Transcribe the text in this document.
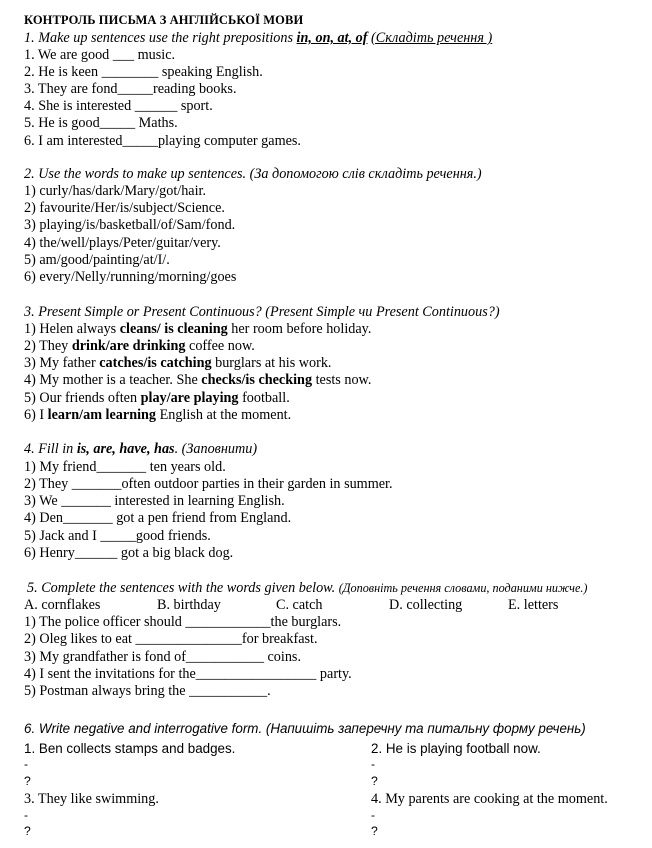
КОНТРОЛЬ ПИСЬМА З АНГЛІЙСЬКОЇ МОВИ
1. Make up sentences use the right prepositions in, on, at, of (Складіть речення )
1. We are good ___ music.
2. He is keen ________ speaking English.
3. They are fond_____reading books.
4. She is interested ______ sport.
5. He is good_____ Maths.
6. I am interested_____playing computer games.
2. Use the words to make up sentences. (За допомогою слів складіть речення.)
1) curly/has/dark/Mary/got/hair.
2) favourite/Her/is/subject/Science.
3) playing/is/basketball/of/Sam/fond.
4) the/well/plays/Peter/guitar/very.
5) am/good/painting/at/I/.
6) every/Nelly/running/morning/goes
3. Present Simple or Present Continuous? (Present Simple чи Present Continuous?)
1) Helen always cleans/ is cleaning her room before holiday.
2) They drink/are drinking coffee now.
3) My father catches/is catching burglars at his work.
4) My mother is a teacher. She checks/is checking tests now.
5) Our friends often play/are playing football.
6) I learn/am learning English at the moment.
4. Fill in is, are, have, has. (Заповнити)
1) My friend_______ ten years old.
2) They _______often outdoor parties in their garden in summer.
3) We _______ interested in learning English.
4) Den_______ got a pen friend from England.
5) Jack and I _____good friends.
6) Henry______ got a big black dog.
5. Complete the sentences with the words given below. (Доповніть речення словами, поданими нижче.)
A. cornflakes	B. birthday	C. catch	D. collecting	E. letters
1) The police officer should ____________the burglars.
2) Oleg likes to eat _______________for breakfast.
3) My grandfather is fond of___________ coins.
4) I sent the invitations for the_________________ party.
5) Postman always bring the ___________.
6. Write negative and interrogative form. (Напишіть заперечну та питальну форму речень)
1. Ben collects stamps and badges.	2. He is playing football now.
-	-
?	?
3. They like swimming.	4. My parents are cooking at the moment.
-	-
?	?
